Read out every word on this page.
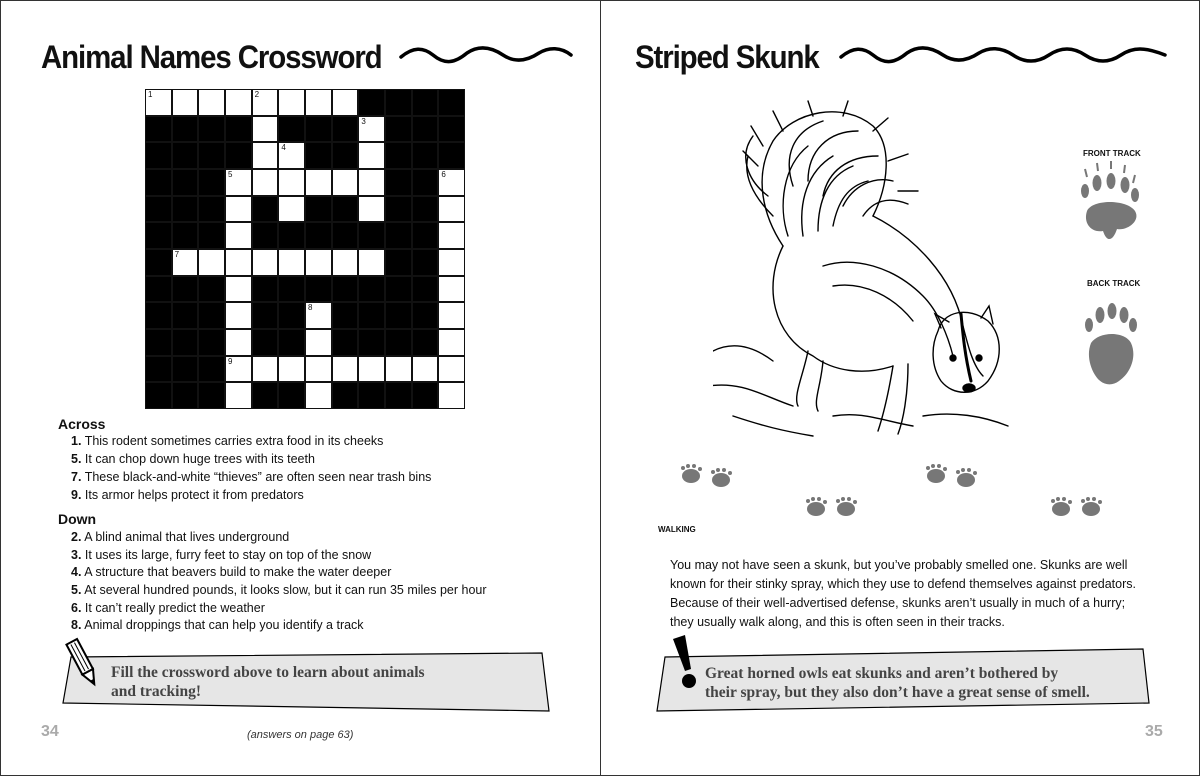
Animal Names Crossword
1	2
3
4
5	6
7
8
9
Across
1. This rodent sometimes carries extra food in its cheeks
5. It can chop down huge trees with its teeth
7. These black-and-white “thieves” are often seen near trash bins
9. Its armor helps protect it from predators
Down
2. A blind animal that lives underground
3. It uses its large, furry feet to stay on top of the snow
4. A structure that beavers build to make the water deeper
5. At several hundred pounds, it looks slow, but it can run 35 miles per hour
6. It can’t really predict the weather
8. Animal droppings that can help you identify a track
Fill the crossword above to learn about animals
and tracking!
34	(answers on page 63)
Striped Skunk
FRONT TRACK
BACK TRACK
WALKING
You may not have seen a skunk, but you’ve probably smelled one. Skunks are well known for their stinky spray, which they use to defend themselves against predators. Because of their well-advertised defense, skunks aren’t usually in much of a hurry; they usually walk along, and this is often seen in their tracks.
Great horned owls eat skunks and aren’t bothered by
their spray, but they also don’t have a great sense of smell.
35
